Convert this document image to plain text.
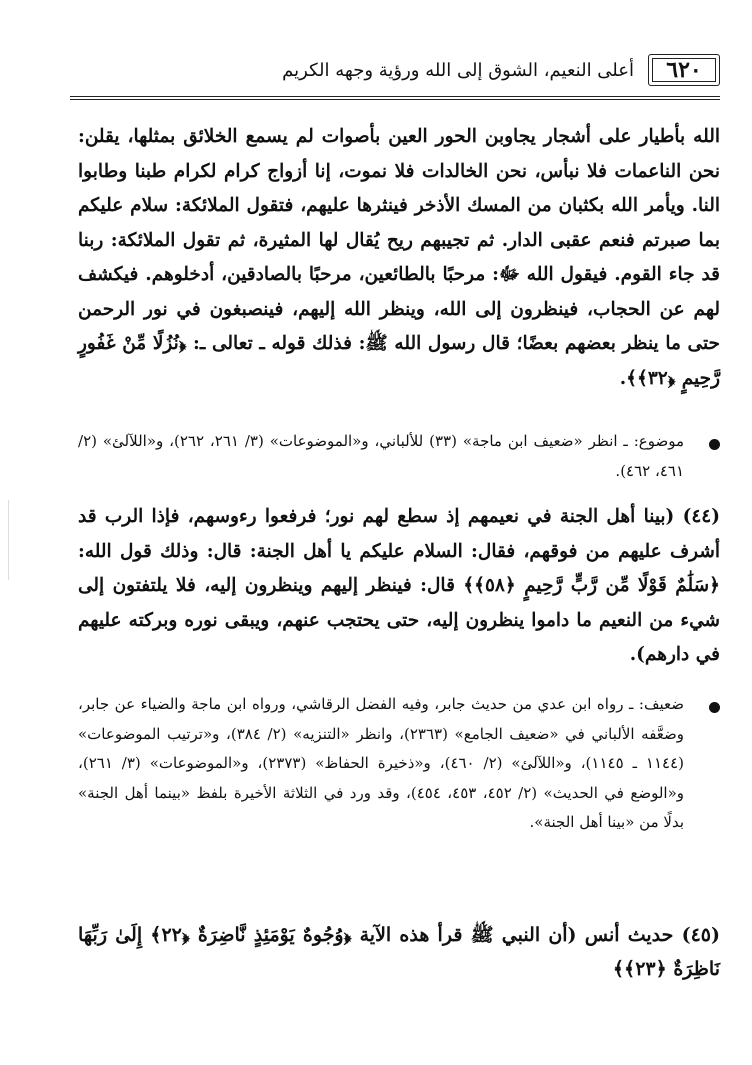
٦٢٠
أعلى النعيم، الشوق إلى الله ورؤية وجهه الكريم
الله بأطيار على أشجار يجاوبن الحور العين بأصوات لم يسمع الخلائق بمثلها، يقلن: نحن الناعمات فلا نبأس، نحن الخالدات فلا نموت، إنا أزواج كرام لكرام طبنا وطابوا النا. ويأمر الله بكثبان من المسك الأذخر فينثرها عليهم، فتقول الملائكة: سلام عليكم بما صبرتم فنعم عقبى الدار. ثم تجيبهم ريح يُقال لها المثيرة، ثم تقول الملائكة: ربنا قد جاء القوم. فيقول الله ﷻ: مرحبًا بالطائعين، مرحبًا بالصادقين، أدخلوهم. فيكشف لهم عن الحجاب، فينظرون إلى الله، وينظر الله إليهم، فينصبغون في نور الرحمن حتى ما ينظر بعضهم بعضًا؛ قال رسول الله ﷺ: فذلك قوله ـ تعالى ـ: ﴿نُزُلًا مِّنْ غَفُورٍ رَّحِيمٍ ﴿٣٢﴾﴾.
موضوع: ـ انظر «ضعيف ابن ماجة» (٣٣) للألباني، و«الموضوعات» (٣/ ٢٦١، ٢٦٢)، و«اللآلئ» (٢/ ٤٦١، ٤٦٢).
(٤٤) (بينا أهل الجنة في نعيمهم إذ سطع لهم نور؛ فرفعوا رءوسهم، فإذا الرب قد أشرف عليهم من فوقهم، فقال: السلام عليكم يا أهل الجنة: قال: وذلك قول الله: ﴿سَلَٰمٌ قَوْلًا مِّن رَّبٍّ رَّحِيمٍ ﴿٥٨﴾﴾ قال: فينظر إليهم وينظرون إليه، فلا يلتفتون إلى شيء من النعيم ما داموا ينظرون إليه، حتى يحتجب عنهم، ويبقى نوره وبركته عليهم في دارهم).
ضعيف: ـ رواه ابن عدي من حديث جابر، وفيه الفضل الرقاشي، ورواه ابن ماجة والضياء عن جابر، وضعَّفه الألباني في «ضعيف الجامع» (٢٣٦٣)، وانظر «التنزيه» (٢/ ٣٨٤)، و«ترتيب الموضوعات» (١١٤٤ ـ ١١٤٥)، و«اللآلئ» (٢/ ٤٦٠)، و«ذخيرة الحفاظ» (٢٣٧٣)، و«الموضوعات» (٣/ ٢٦١)، و«الوضع في الحديث» (٢/ ٤٥٢، ٤٥٣، ٤٥٤)، وقد ورد في الثلاثة الأخيرة بلفظ «بينما أهل الجنة» بدلًا من «بينا أهل الجنة».
(٤٥) حديث أنس (أن النبي ﷺ قرأ هذه الآية ﴿وُجُوهٌ يَوْمَئِذٍ نَّاضِرَةٌ ﴿٢٢﴾ إِلَىٰ رَبِّهَا نَاظِرَةٌ ﴿٢٣﴾﴾
